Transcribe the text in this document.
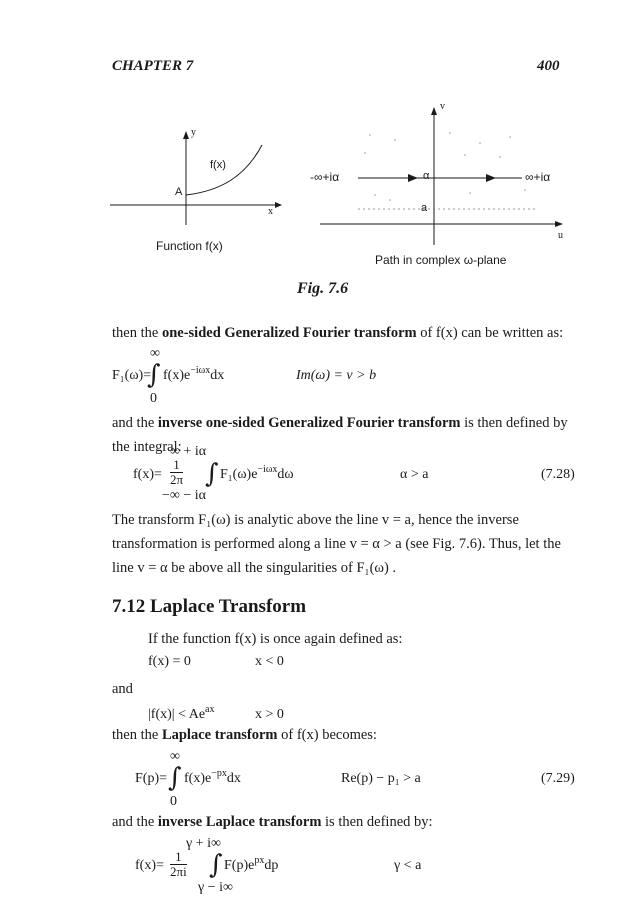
CHAPTER 7	400
y
x
f(x)
A
Function f(x)
v
u
-∞+iα	∞+iα
α
a
Path in complex ω-plane
Fig. 7.6
then the one-sided Generalized Fourier transform of f(x) can be written as:
∞
F₁(ω)=
∫ $f(x)e^{-i\omega x}dx$	Im(ω) = v > b
0
and the inverse one-sided Generalized Fourier transform is then defined by the integral:
∞ + iα
$f(x)= \frac{1}{2\pi}$ ∫ $F_1(\omega)e^{-i\omega x}d\omega$	α > a	(7.28)
−∞ − iα
The transform F₁(ω) is analytic above the line v = a, hence the inverse transformation is performed along a line v = α > a (see Fig. 7.6). Thus, let the line v = α be above all the singularities of F₁(ω) .
7.12 Laplace Transform
If the function f(x) is once again defined as:
f(x) = 0	x < 0
and
$|f(x)| < Ae^{ax}$	x > 0
then the Laplace transform of f(x) becomes:
∞
F(p)= ∫ $f(x)e^{-px}dx$	Re(p) − p₁ > a	(7.29)
0
and the inverse Laplace transform is then defined by:
γ + i∞
$f(x)= \frac{1}{2\pi i}$ ∫ $F(p)e^{px}dp$	γ < a
γ − i∞
